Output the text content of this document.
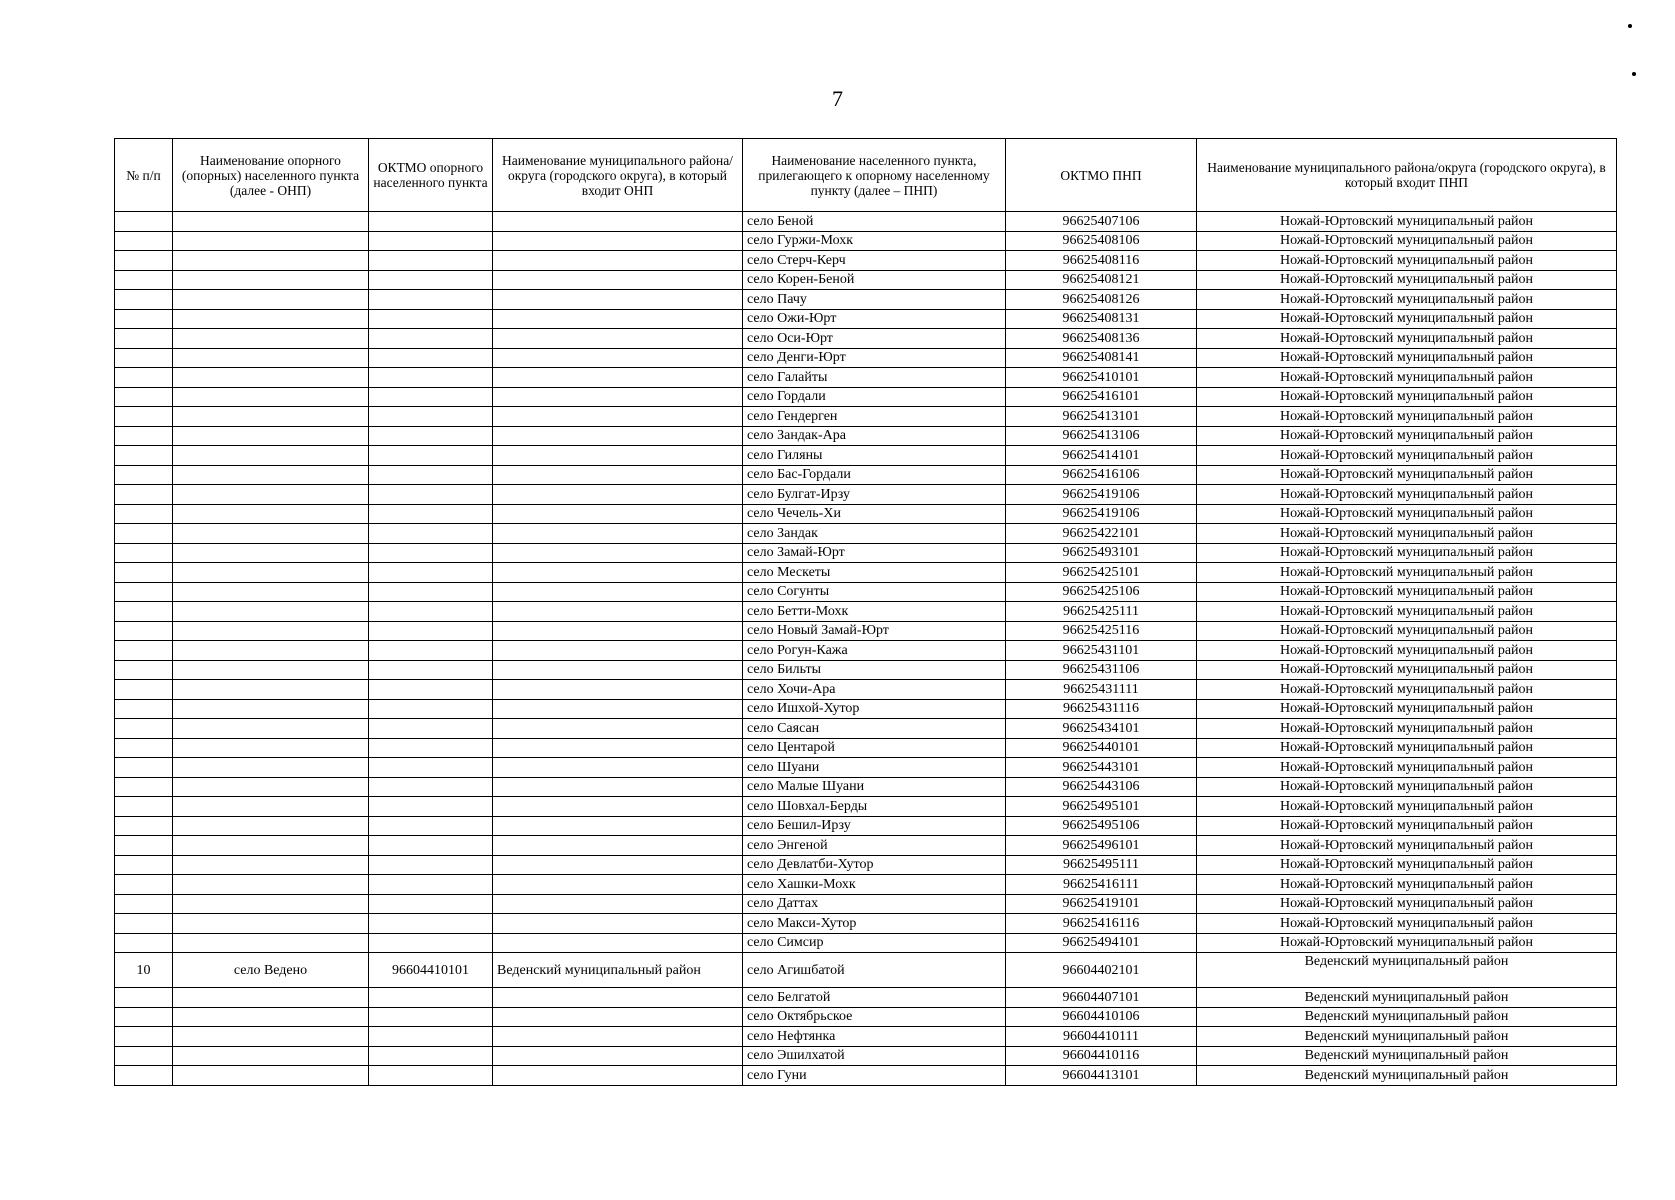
7
№ п/п	Наименование опорного (опорных) населенного пункта (далее - ОНП)	ОКТМО опорного населенного пункта	Наименование муниципального района/округа (городского округа), в который входит ОНП	Наименование населенного пункта, прилегающего к опорному населенному пункту (далее – ПНП)	ОКТМО ПНП	Наименование муниципального района/округа (городского округа), в который входит ПНП
				село Беной	96625407106	Ножай-Юртовский муниципальный район
				село Гуржи-Мохк	96625408106	Ножай-Юртовский муниципальный район
				село Стерч-Керч	96625408116	Ножай-Юртовский муниципальный район
				село Корен-Беной	96625408121	Ножай-Юртовский муниципальный район
				село Пачу	96625408126	Ножай-Юртовский муниципальный район
				село Ожи-Юрт	96625408131	Ножай-Юртовский муниципальный район
				село Оси-Юрт	96625408136	Ножай-Юртовский муниципальный район
				село Денги-Юрт	96625408141	Ножай-Юртовский муниципальный район
				село Галайты	96625410101	Ножай-Юртовский муниципальный район
				село Гордали	96625416101	Ножай-Юртовский муниципальный район
				село Гендерген	96625413101	Ножай-Юртовский муниципальный район
				село Зандак-Ара	96625413106	Ножай-Юртовский муниципальный район
				село Гиляны	96625414101	Ножай-Юртовский муниципальный район
				село Бас-Гордали	96625416106	Ножай-Юртовский муниципальный район
				село Булгат-Ирзу	96625419106	Ножай-Юртовский муниципальный район
				село Чечель-Хи	96625419106	Ножай-Юртовский муниципальный район
				село Зандак	96625422101	Ножай-Юртовский муниципальный район
				село Замай-Юрт	96625493101	Ножай-Юртовский муниципальный район
				село Мескеты	96625425101	Ножай-Юртовский муниципальный район
				село Согунты	96625425106	Ножай-Юртовский муниципальный район
				село Бетти-Мохк	96625425111	Ножай-Юртовский муниципальный район
				село Новый Замай-Юрт	96625425116	Ножай-Юртовский муниципальный район
				село Рогун-Кажа	96625431101	Ножай-Юртовский муниципальный район
				село Бильты	96625431106	Ножай-Юртовский муниципальный район
				село Хочи-Ара	96625431111	Ножай-Юртовский муниципальный район
				село Ишхой-Хутор	96625431116	Ножай-Юртовский муниципальный район
				село Саясан	96625434101	Ножай-Юртовский муниципальный район
				село Центарой	96625440101	Ножай-Юртовский муниципальный район
				село Шуани	96625443101	Ножай-Юртовский муниципальный район
				село Малые Шуани	96625443106	Ножай-Юртовский муниципальный район
				село Шовхал-Берды	96625495101	Ножай-Юртовский муниципальный район
				село Бешил-Ирзу	96625495106	Ножай-Юртовский муниципальный район
				село Энгеной	96625496101	Ножай-Юртовский муниципальный район
				село Девлатби-Хутор	96625495111	Ножай-Юртовский муниципальный район
				село Хашки-Мохк	96625416111	Ножай-Юртовский муниципальный район
				село Даттах	96625419101	Ножай-Юртовский муниципальный район
				село Макси-Хутор	96625416116	Ножай-Юртовский муниципальный район
				село Симсир	96625494101	Ножай-Юртовский муниципальный район
10	село Ведено	96604410101	Веденский муниципальный район	село Агишбатой	96604402101	Веденский муниципальный район
				село Белгатой	96604407101	Веденский муниципальный район
				село Октябрьское	96604410106	Веденский муниципальный район
				село Нефтянка	96604410111	Веденский муниципальный район
				село Эшилхатой	96604410116	Веденский муниципальный район
				село Гуни	96604413101	Веденский муниципальный район
